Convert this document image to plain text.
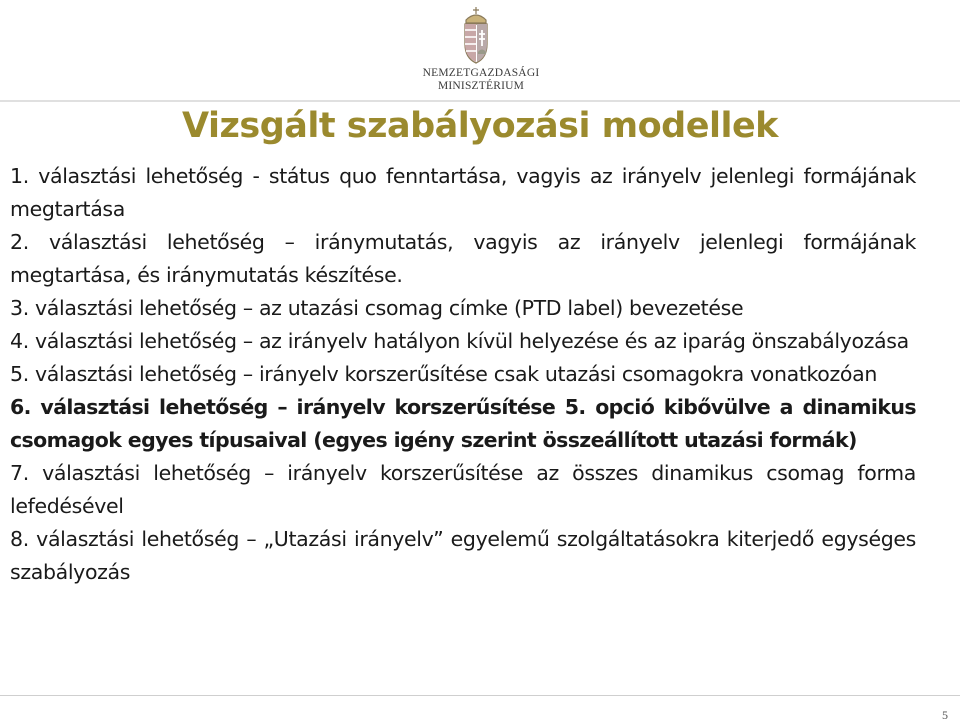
NEMZETGAZDASÁGI
MINISZTÉRIUM
Vizsgált szabályozási modellek
1. választási lehetőség - státus quo fenntartása, vagyis az irányelv jelenlegi formájának megtartása
2. választási lehetőség – iránymutatás, vagyis az irányelv jelenlegi formájának megtartása, és iránymutatás készítése.
3. választási lehetőség – az utazási csomag címke (PTD label) bevezetése
4. választási lehetőség – az irányelv hatályon kívül helyezése és az iparág önszabályozása
5. választási lehetőség – irányelv korszerűsítése csak utazási csomagokra vonatkozóan
6. választási lehetőség – irányelv korszerűsítése 5. opció kibővülve a dinamikus csomagok egyes típusaival (egyes igény szerint összeállított utazási formák)
7. választási lehetőség – irányelv korszerűsítése az összes dinamikus csomag forma lefedésével
8. választási lehetőség – „Utazási irányelv” egyelemű szolgáltatásokra kiterjedő egységes szabályozás
5
